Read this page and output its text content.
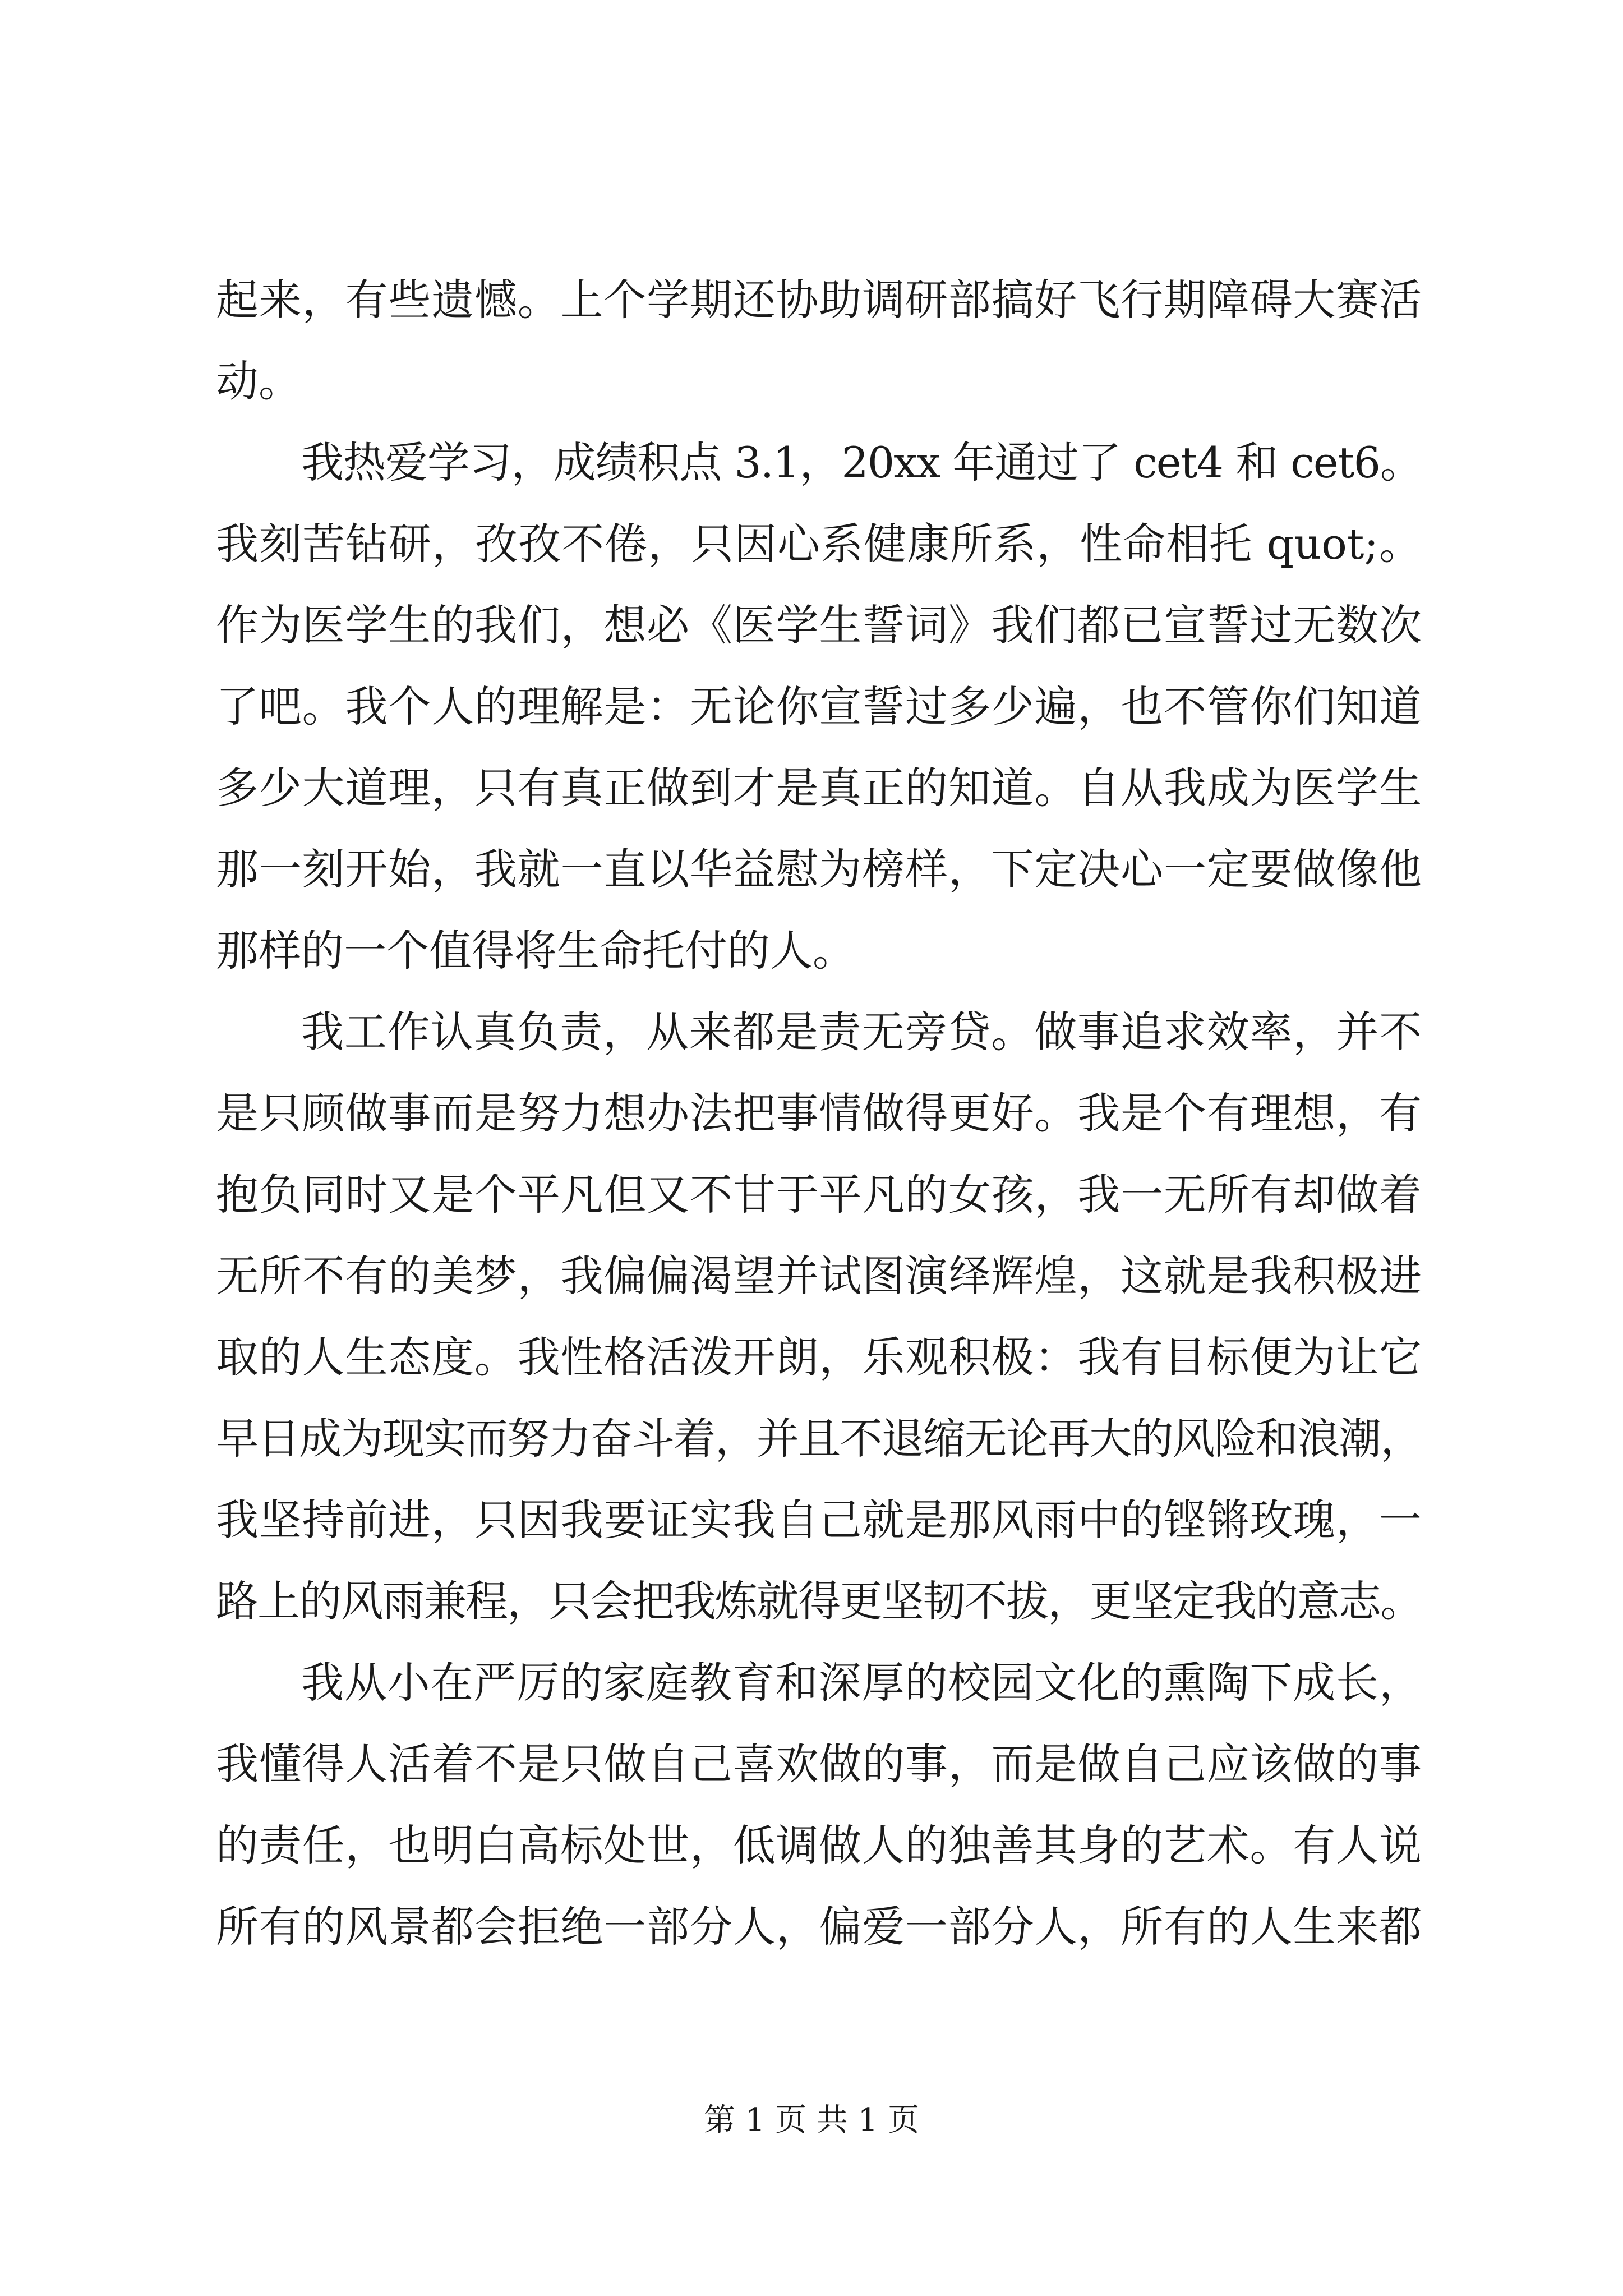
起来，有些遗憾。上个学期还协助调研部搞好飞行期障碍大赛活
动。
我热爱学习，成绩积点 3.1，20xx 年通过了 cet4 和 cet6。
我刻苦钻研，孜孜不倦，只因心系健康所系，性命相托 quot;。
作为医学生的我们，想必《医学生誓词》我们都已宣誓过无数次
了吧。我个人的理解是：无论你宣誓过多少遍，也不管你们知道
多少大道理，只有真正做到才是真正的知道。自从我成为医学生
那一刻开始，我就一直以华益慰为榜样，下定决心一定要做像他
那样的一个值得将生命托付的人。
我工作认真负责，从来都是责无旁贷。做事追求效率，并不
是只顾做事而是努力想办法把事情做得更好。我是个有理想，有
抱负同时又是个平凡但又不甘于平凡的女孩，我一无所有却做着
无所不有的美梦，我偏偏渴望并试图演绎辉煌，这就是我积极进
取的人生态度。我性格活泼开朗，乐观积极：我有目标便为让它
早日成为现实而努力奋斗着，并且不退缩无论再大的风险和浪潮，
我坚持前进，只因我要证实我自己就是那风雨中的铿锵玫瑰，一
路上的风雨兼程，只会把我炼就得更坚韧不拔，更坚定我的意志。
我从小在严厉的家庭教育和深厚的校园文化的熏陶下成长，
我懂得人活着不是只做自己喜欢做的事，而是做自己应该做的事
的责任，也明白高标处世，低调做人的独善其身的艺术。有人说
所有的风景都会拒绝一部分人，偏爱一部分人，所有的人生来都
第 1 页 共 1 页
